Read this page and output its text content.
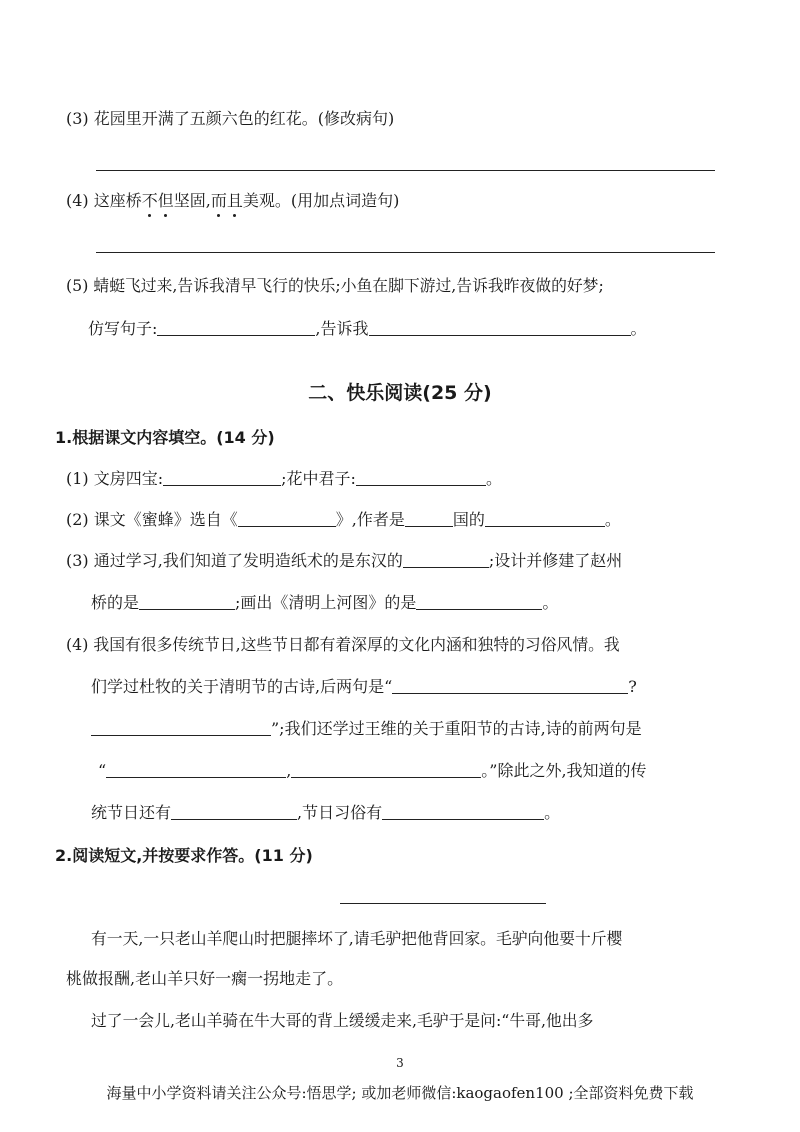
(3) 花园里开满了五颜六色的红花。(修改病句)
(4) 这座桥不但坚固,而且美观。(用加点词造句)
(5) 蜻蜓飞过来,告诉我清早飞行的快乐;小鱼在脚下游过,告诉我昨夜做的好梦;
仿写句子:	,告诉我	。
二、快乐阅读(25 分)
1.根据课文内容填空。(14 分)
(1) 文房四宝:	;花中君子:	。
(2) 课文《蜜蜂》选自《	》,作者是	国的	。
(3) 通过学习,我们知道了发明造纸术的是东汉的	;设计并修建了赵州
桥的是	;画出《清明上河图》的是	。
(4) 我国有很多传统节日,这些节日都有着深厚的文化内涵和独特的习俗风情。我
们学过杜牧的关于清明节的古诗,后两句是“	?
”;我们还学过王维的关于重阳节的古诗,诗的前两句是
“	,	。”除此之外,我知道的传
统节日还有	,节日习俗有	。
2.阅读短文,并按要求作答。(11 分)
有一天,一只老山羊爬山时把腿摔坏了,请毛驴把他背回家。毛驴向他要十斤樱
桃做报酬,老山羊只好一瘸一拐地走了。
过了一会儿,老山羊骑在牛大哥的背上缓缓走来,毛驴于是问:“牛哥,他出多
3
海量中小学资料请关注公众号:悟思学; 或加老师微信:kaogaofen100 ;全部资料免费下载
